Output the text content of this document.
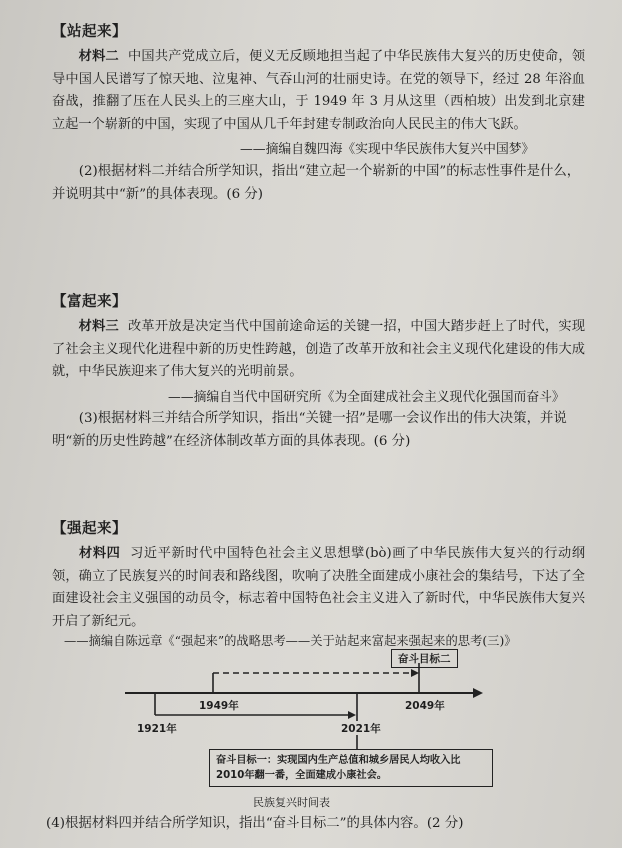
【站起来】
材料二 中国共产党成立后，便义无反顾地担当起了中华民族伟大复兴的历史使命，领导中国人民谱写了惊天地、泣鬼神、气吞山河的壮丽史诗。在党的领导下，经过 28 年浴血奋战，推翻了压在人民头上的三座大山，于 1949 年 3 月从这里（西柏坡）出发到北京建立起一个崭新的中国，实现了中国从几千年封建专制政治向人民民主的伟大飞跃。
——摘编自魏四海《实现中华民族伟大复兴中国梦》
(2)根据材料二并结合所学知识，指出“建立起一个崭新的中国”的标志性事件是什么，并说明其中“新”的具体表现。(6 分)
【富起来】
材料三 改革开放是决定当代中国前途命运的关键一招，中国大踏步赶上了时代，实现了社会主义现代化进程中新的历史性跨越，创造了改革开放和社会主义现代化建设的伟大成就，中华民族迎来了伟大复兴的光明前景。
——摘编自当代中国研究所《为全面建成社会主义现代化强国而奋斗》
(3)根据材料三并结合所学知识，指出“关键一招”是哪一会议作出的伟大决策，并说明“新的历史性跨越”在经济体制改革方面的具体表现。(6 分)
【强起来】
材料四 习近平新时代中国特色社会主义思想擘(bò)画了中华民族伟大复兴的行动纲领，确立了民族复兴的时间表和路线图，吹响了决胜全面建成小康社会的集结号，下达了全面建设社会主义强国的动员令，标志着中国特色社会主义进入了新时代，中华民族伟大复兴开启了新纪元。
——摘编自陈远章《“强起来”的战略思考——关于站起来富起来强起来的思考(三)》
奋斗目标二
1949年	2049年
1921年	2021年
奋斗目标一：实现国内生产总值和城乡居民人均收入比2010年翻一番，全面建成小康社会。
民族复兴时间表
(4)根据材料四并结合所学知识，指出“奋斗目标二”的具体内容。(2 分)
